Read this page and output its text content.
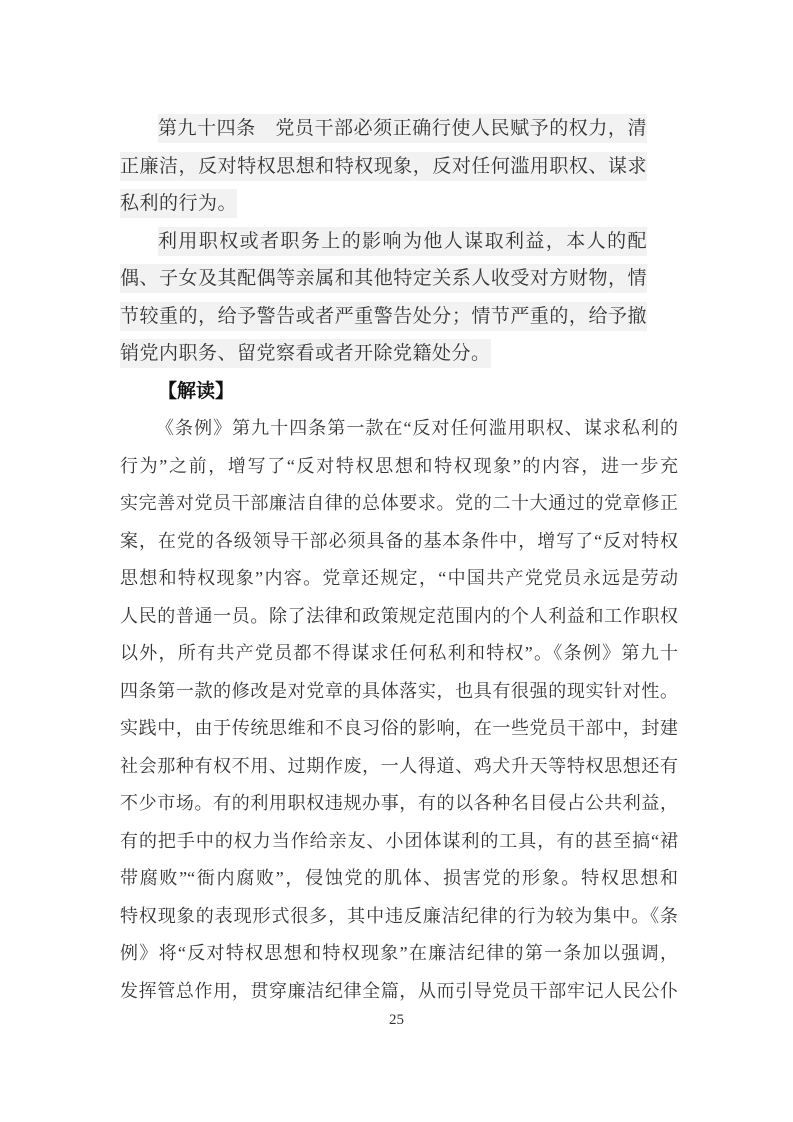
第九十四条　党员干部必须正确行使人民赋予的权力，清
正廉洁，反对特权思想和特权现象，反对任何滥用职权、谋求
私利的行为。
利用职权或者职务上的影响为他人谋取利益，本人的配
偶、子女及其配偶等亲属和其他特定关系人收受对方财物，情
节较重的，给予警告或者严重警告处分；情节严重的，给予撤
销党内职务、留党察看或者开除党籍处分。
【解读】
《条例》第九十四条第一款在“反对任何滥用职权、谋求私利的
行为”之前，增写了“反对特权思想和特权现象”的内容，进一步充
实完善对党员干部廉洁自律的总体要求。党的二十大通过的党章修正
案，在党的各级领导干部必须具备的基本条件中，增写了“反对特权
思想和特权现象”内容。党章还规定，“中国共产党党员永远是劳动
人民的普通一员。除了法律和政策规定范围内的个人利益和工作职权
以外，所有共产党员都不得谋求任何私利和特权”。《条例》第九十
四条第一款的修改是对党章的具体落实，也具有很强的现实针对性。
实践中，由于传统思维和不良习俗的影响，在一些党员干部中，封建
社会那种有权不用、过期作废，一人得道、鸡犬升天等特权思想还有
不少市场。有的利用职权违规办事，有的以各种名目侵占公共利益，
有的把手中的权力当作给亲友、小团体谋利的工具，有的甚至搞“裙
带腐败”“衙内腐败”，侵蚀党的肌体、损害党的形象。特权思想和
特权现象的表现形式很多，其中违反廉洁纪律的行为较为集中。《条
例》将“反对特权思想和特权现象”在廉洁纪律的第一条加以强调，
发挥管总作用，贯穿廉洁纪律全篇，从而引导党员干部牢记人民公仆
25
